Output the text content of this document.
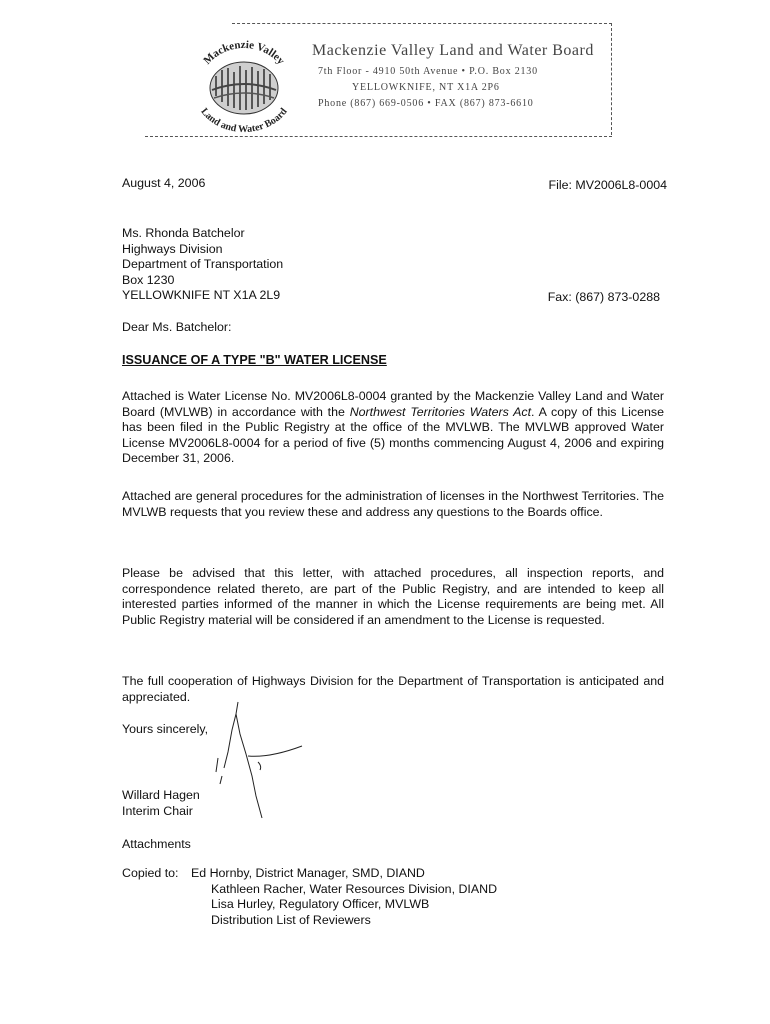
Mackenzie Valley
Land and Water Board
Mackenzie Valley Land and Water Board
7th Floor - 4910 50th Avenue • P.O. Box 2130
YELLOWKNIFE, NT X1A 2P6
Phone (867) 669-0506 • FAX (867) 873-6610
August 4, 2006	File: MV2006L8-0004
Ms. Rhonda Batchelor
Highways Division
Department of Transportation
Box 1230
YELLOWKNIFE NT X1A 2L9	Fax: (867) 873-0288
Dear Ms. Batchelor:
ISSUANCE OF A TYPE "B" WATER LICENSE
Attached is Water License No. MV2006L8-0004 granted by the Mackenzie Valley Land and Water Board (MVLWB) in accordance with the Northwest Territories Waters Act. A copy of this License has been filed in the Public Registry at the office of the MVLWB. The MVLWB approved Water License MV2006L8-0004 for a period of five (5) months commencing August 4, 2006 and expiring December 31, 2006.
Attached are general procedures for the administration of licenses in the Northwest Territories. The MVLWB requests that you review these and address any questions to the Boards office.
Please be advised that this letter, with attached procedures, all inspection reports, and correspondence related thereto, are part of the Public Registry, and are intended to keep all interested parties informed of the manner in which the License requirements are being met. All Public Registry material will be considered if an amendment to the License is requested.
The full cooperation of Highways Division for the Department of Transportation is anticipated and appreciated.
Yours sincerely,
Willard Hagen
Interim Chair
Attachments
Copied to:	Ed Hornby, District Manager, SMD, DIAND
Kathleen Racher, Water Resources Division, DIAND
Lisa Hurley, Regulatory Officer, MVLWB
Distribution List of Reviewers
